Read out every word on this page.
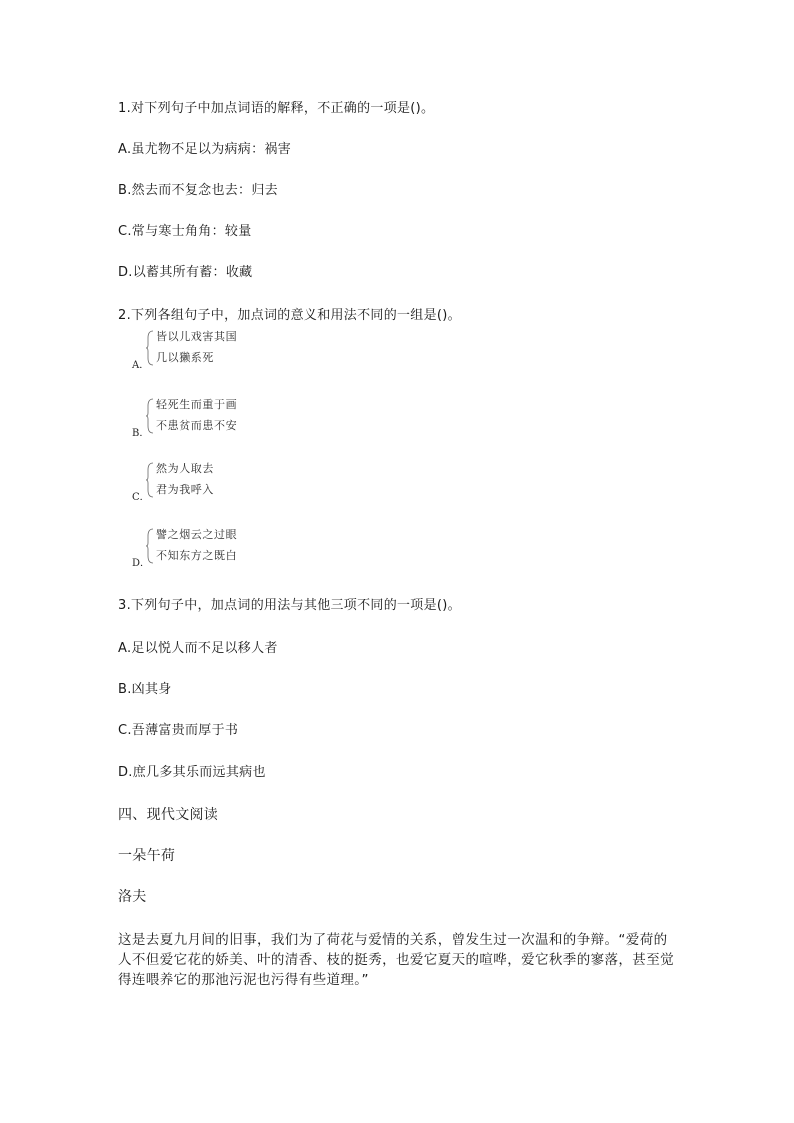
1.对下列句子中加点词语的解释，不正确的一项是()。
A.虽尤物不足以为病病：祸害
B.然去而不复念也去：归去
C.常与寒士角角：较量
D.以蓄其所有蓄：收藏
2.下列各组句子中，加点词的意义和用法不同的一组是()。
A．
皆以儿戏害其国
几以獭系死
B．
轻死生而重于画
不患贫而患不安
C．
然为人取去
君为我呼入
D．
譬之烟云之过眼
不知东方之既白
3.下列句子中，加点词的用法与其他三项不同的一项是()。
A.足以悦人而不足以移人者
B.凶其身
C.吾薄富贵而厚于书
D.庶几多其乐而远其病也
四、现代文阅读
一朵午荷
洛夫
这是去夏九月间的旧事，我们为了荷花与爱情的关系，曾发生过一次温和的争辩。“爱荷的人不但爱它花的娇美、叶的清香、枝的挺秀，也爱它夏天的喧哗，爱它秋季的寥落，甚至觉得连喂养它的那池污泥也污得有些道理。”
